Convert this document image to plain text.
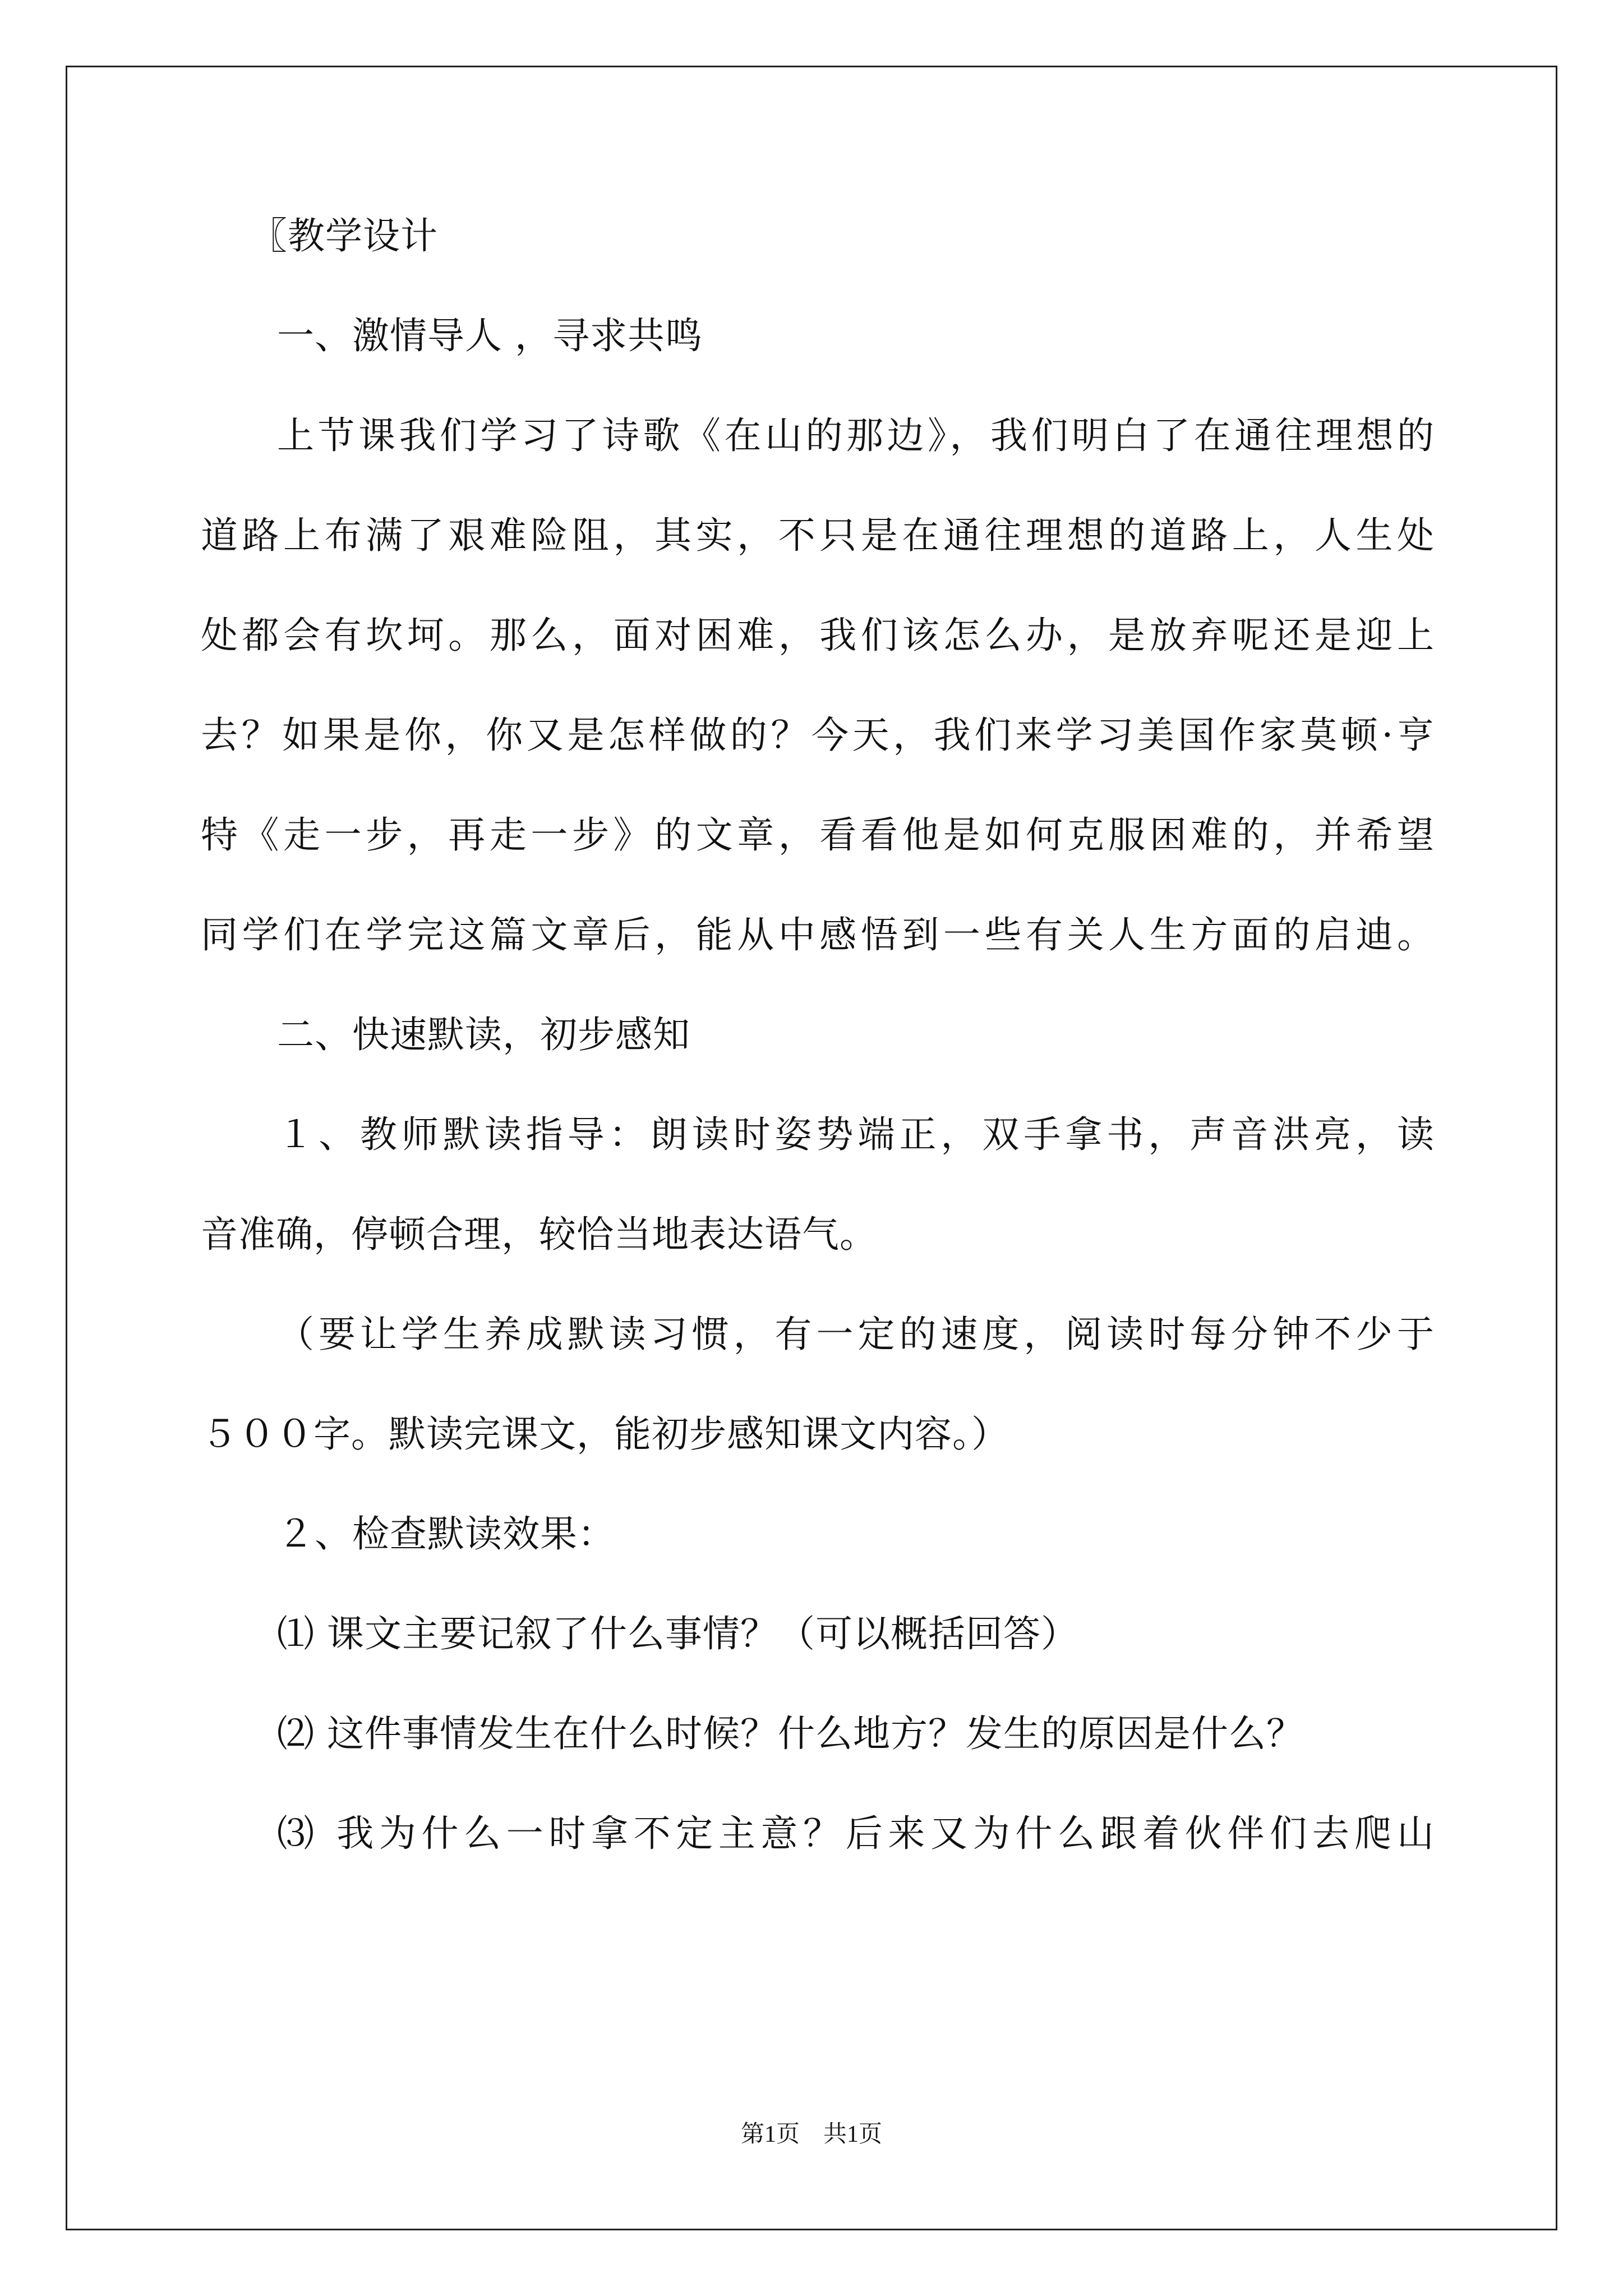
〖教学设计
一、激情导人 ，寻求共鸣
上节课我们学习了诗歌《在山的那边》，我们明白了在通往理想的
道路上布满了艰难险阻，其实，不只是在通往理想的道路上，人生处
处都会有坎坷。那么，面对困难，我们该怎么办，是放弃呢还是迎上
去？如果是你，你又是怎样做的？今天，我们来学习美国作家莫顿·亨
特《走一步，再走一步》的文章，看看他是如何克服困难的，并希望
同学们在学完这篇文章后，能从中感悟到一些有关人生方面的启迪。
二、快速默读，初步感知
１、教师默读指导：朗读时姿势端正，双手拿书，声音洪亮，读
音准确，停顿合理，较恰当地表达语气。
（要让学生养成默读习惯，有一定的速度，阅读时每分钟不少于
５００字。默读完课文，能初步感知课文内容。）
２、检查默读效果：
⑴ 课文主要记叙了什么事情？（可以概括回答）
⑵ 这件事情发生在什么时候？什么地方？发生的原因是什么？
⑶ 我为什么一时拿不定主意？后来又为什么跟着伙伴们去爬山
第1页　共1页
